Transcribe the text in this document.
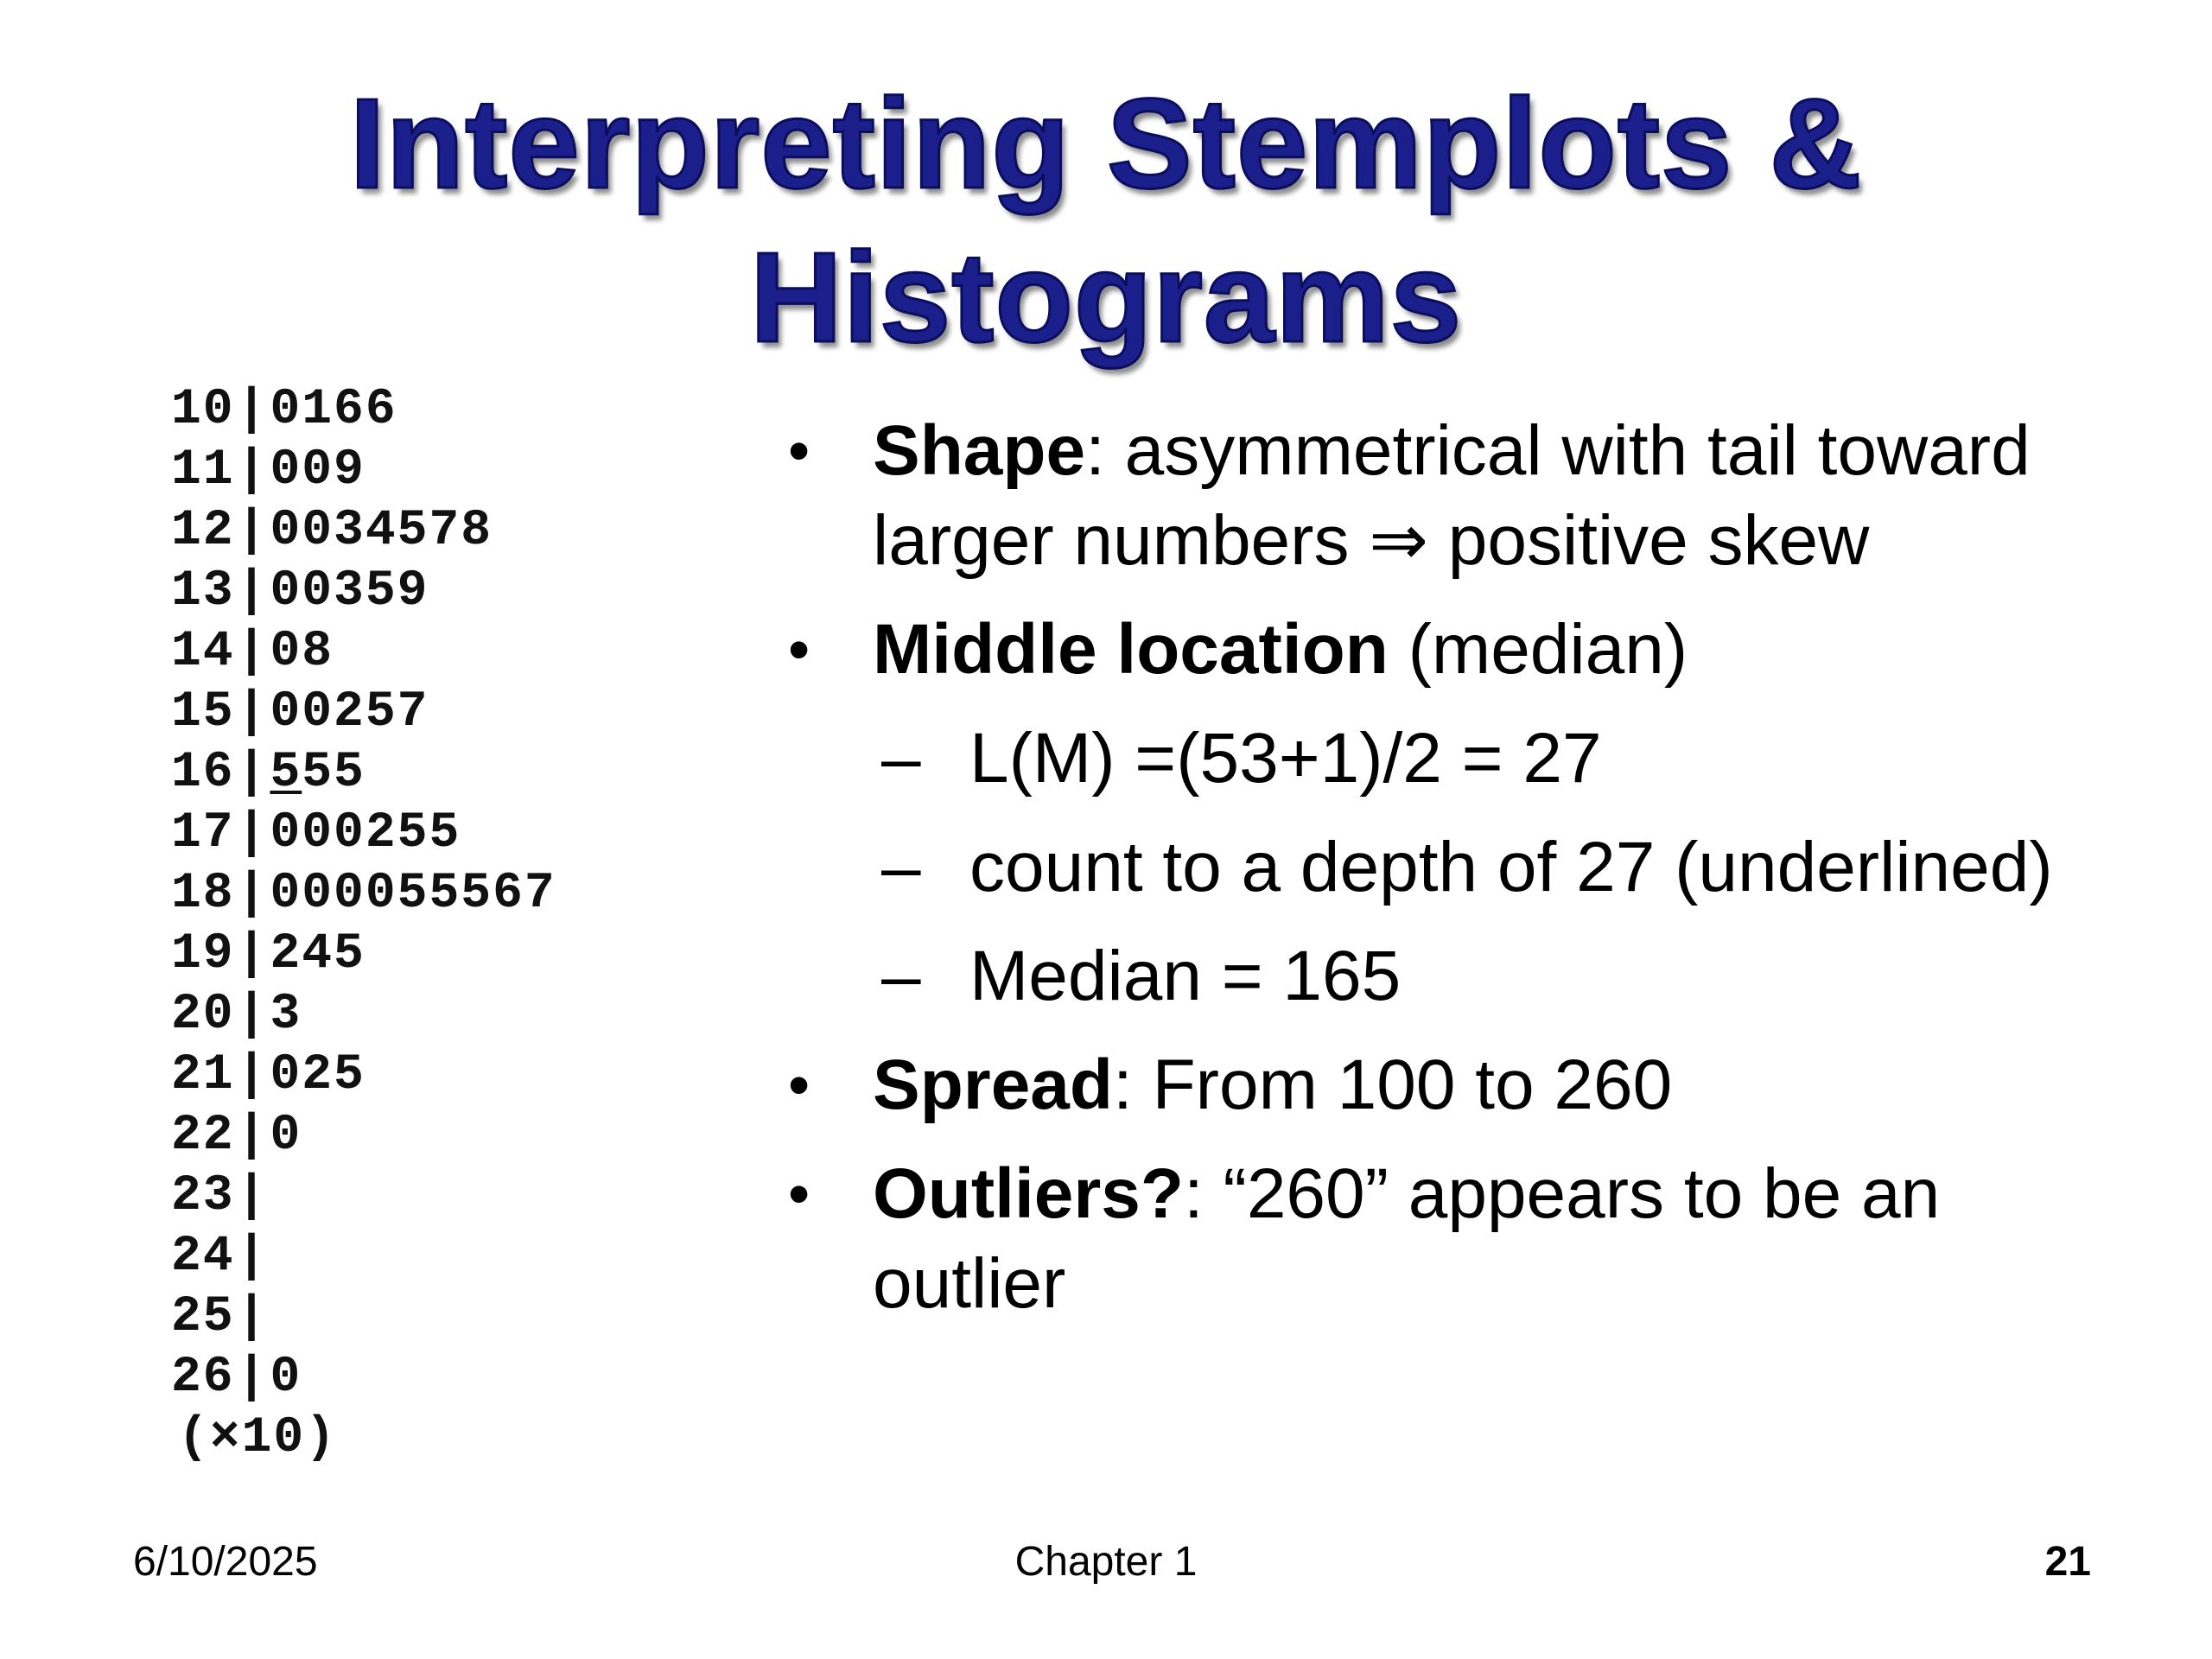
Interpreting Stemplots &
Histograms
10|0166
11|009
12|0034578
13|00359
14|08
15|00257
16|555
17|000255
18|000055567
19|245
20|3
21|025
22|0
23|
24|
25|
26|0
(×10)
• Shape: asymmetrical with tail toward larger numbers ⇒ positive skew
• Middle location (median)
– L(M) =(53+1)/2 = 27
– count to a depth of 27 (underlined)
– Median = 165
• Spread: From 100 to 260
• Outliers?: “260” appears to be an outlier
6/10/2025	Chapter 1	21
